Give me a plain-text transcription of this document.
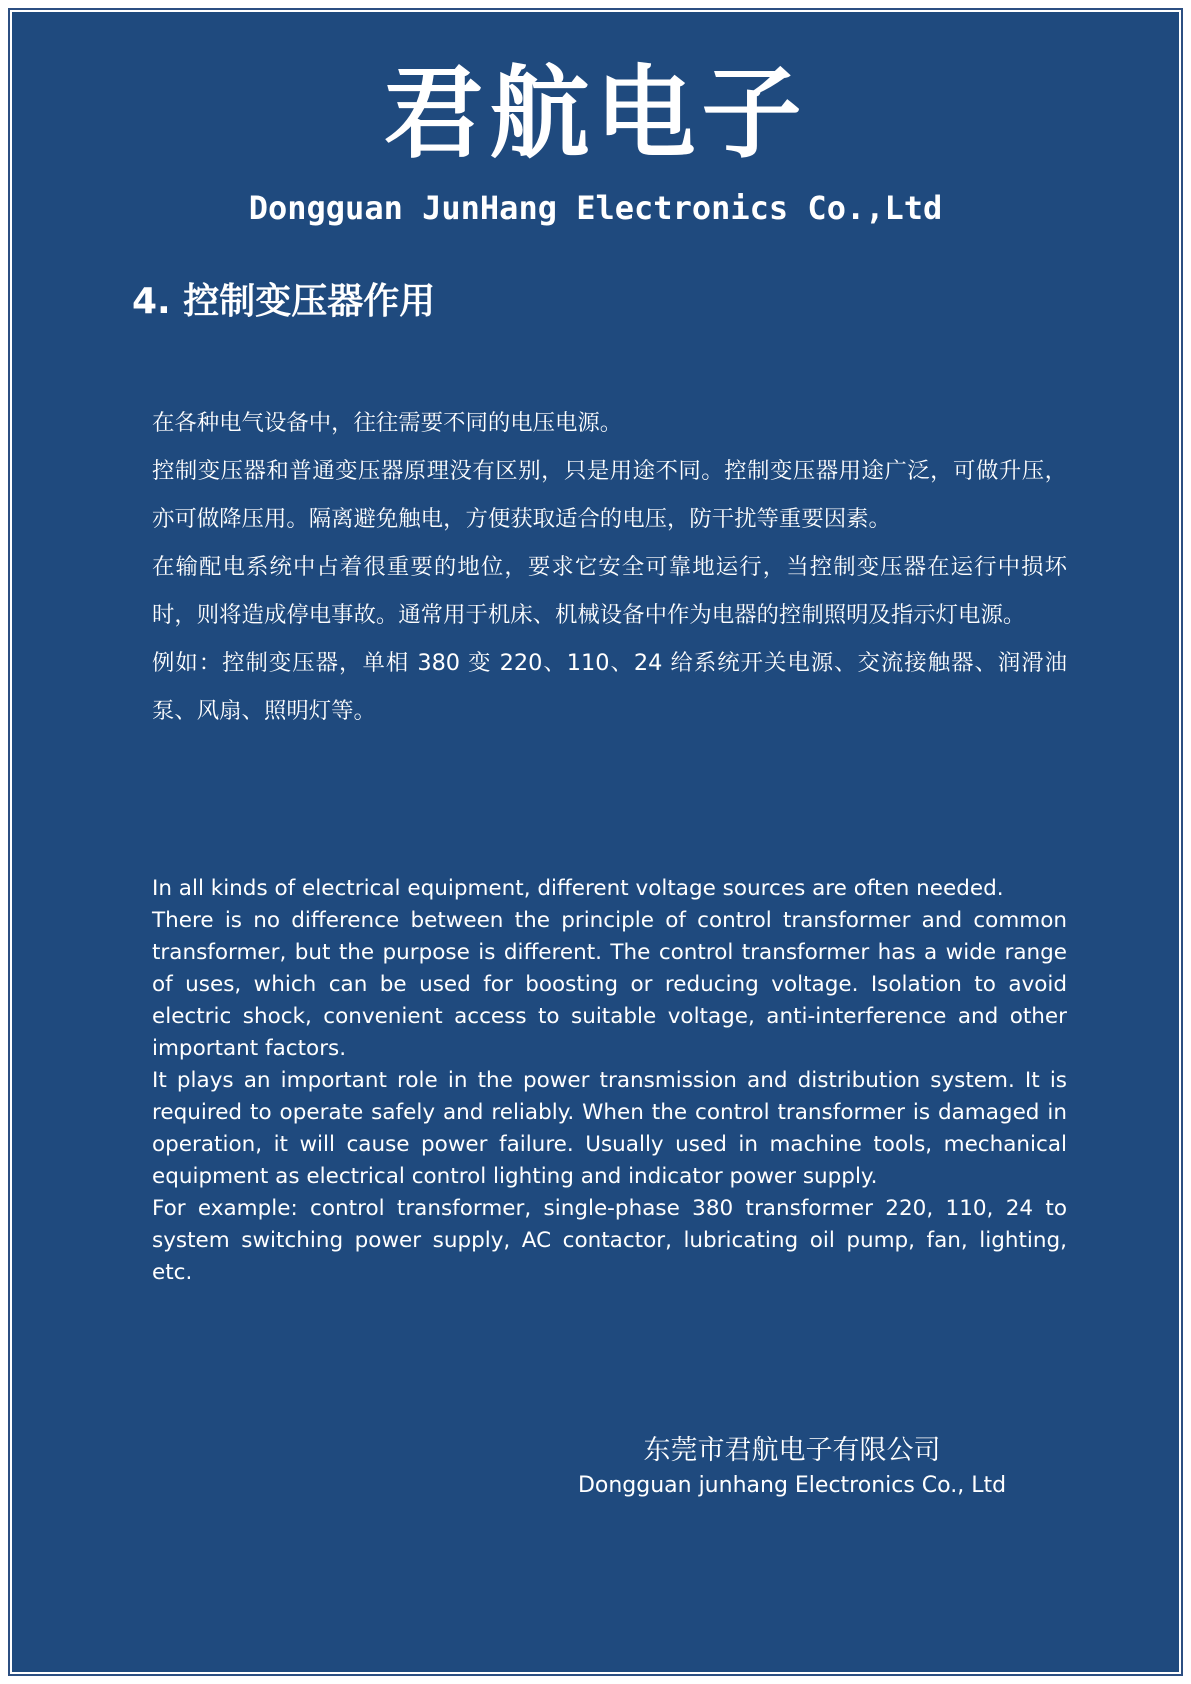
君航电子
Dongguan JunHang Electronics Co.,Ltd
4. 控制变压器作用

在各种电气设备中，往往需要不同的电压电源。

控制变压器和普通变压器原理没有区别，只是用途不同。控制变压器用途广泛，可做升压，亦可做降压用。隔离避免触电，方便获取适合的电压，防干扰等重要因素。

在输配电系统中占着很重要的地位，要求它安全可靠地运行，当控制变压器在运行中损坏时，则将造成停电事故。通常用于机床、机械设备中作为电器的控制照明及指示灯电源。

例如：控制变压器，单相 380 变 220、110、24 给系统开关电源、交流接触器、润滑油泵、风扇、照明灯等。

In all kinds of electrical equipment, different voltage sources are often needed.

There is no difference between the principle of control transformer and common transformer, but the purpose is different. The control transformer has a wide range of uses, which can be used for boosting or reducing voltage. Isolation to avoid electric shock, convenient access to suitable voltage, anti-interference and other important factors.

It plays an important role in the power transmission and distribution system. It is required to operate safely and reliably. When the control transformer is damaged in operation, it will cause power failure. Usually used in machine tools, mechanical equipment as electrical control lighting and indicator power supply.

For example: control transformer, single-phase 380 transformer 220, 110, 24 to system switching power supply, AC contactor, lubricating oil pump, fan, lighting, etc.

东莞市君航电子有限公司
Dongguan junhang Electronics Co., Ltd
